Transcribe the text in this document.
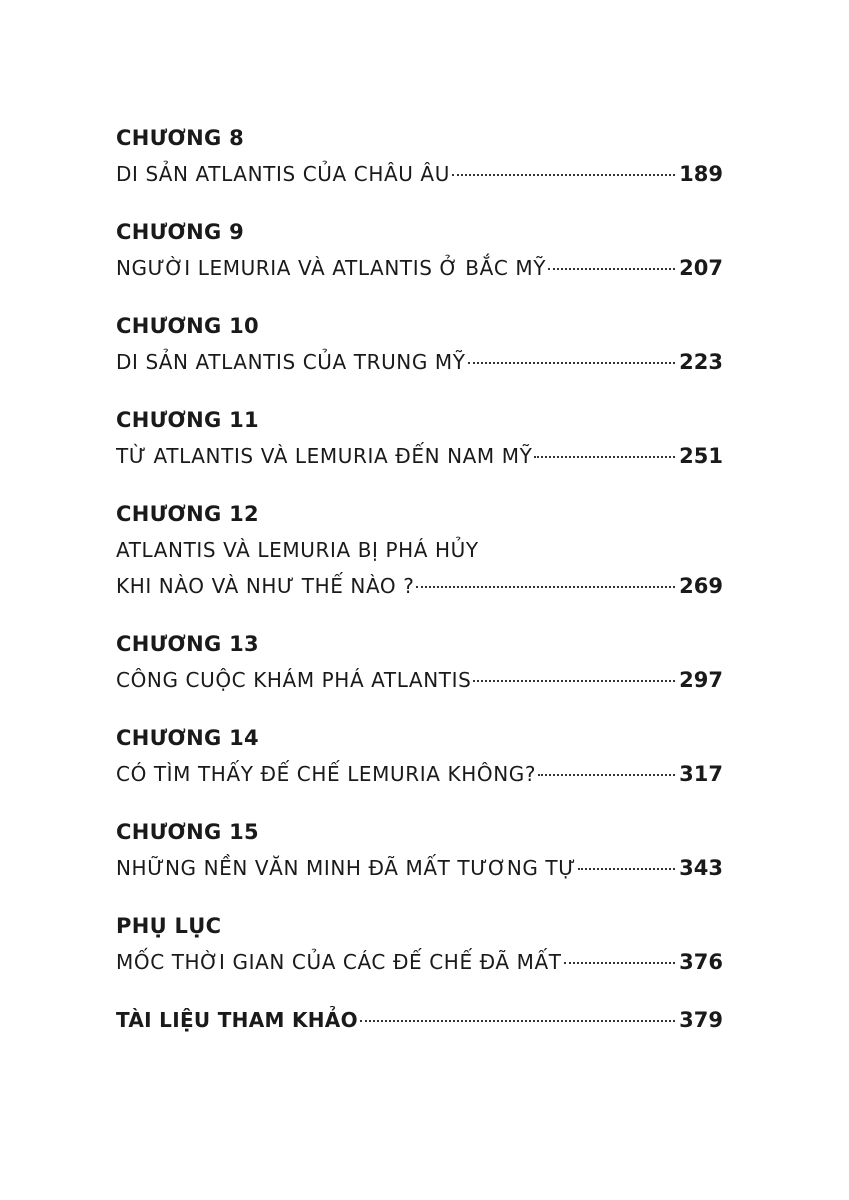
CHƯƠNG 8
DI SẢN ATLANTIS CỦA CHÂU ÂU	189
CHƯƠNG 9
NGƯỜI LEMURIA VÀ ATLANTIS Ở BẮC MỸ	207
CHƯƠNG 10
DI SẢN ATLANTIS CỦA TRUNG MỸ	223
CHƯƠNG 11
TỪ ATLANTIS VÀ LEMURIA ĐẾN NAM MỸ	251
CHƯƠNG 12
ATLANTIS VÀ LEMURIA BỊ PHÁ HỦY
KHI NÀO VÀ NHƯ THẾ NÀO ?	269
CHƯƠNG 13
CÔNG CUỘC KHÁM PHÁ ATLANTIS	297
CHƯƠNG 14
CÓ TÌM THẤY ĐẾ CHẾ LEMURIA KHÔNG?	317
CHƯƠNG 15
NHỮNG NỀN VĂN MINH ĐÃ MẤT TƯƠNG TỰ	343
PHỤ LỤC
MỐC THỜI GIAN CỦA CÁC ĐẾ CHẾ ĐÃ MẤT	376
TÀI LIỆU THAM KHẢO	379
